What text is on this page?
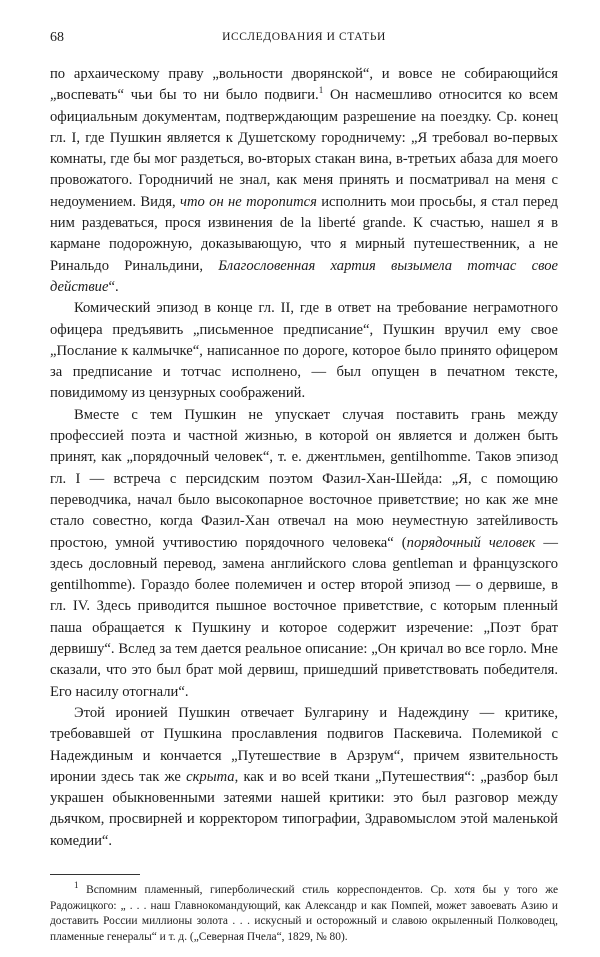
68	ИССЛЕДОВАНИЯ И СТАТЬИ

по архаическому праву „вольности дворянской“, и вовсе не собирающийся „воспевать“ чьи бы то ни было подвиги.$^1$ Он насмешливо относится ко всем официальным документам, подтверждающим разрешение на поездку. Ср. конец гл. I, где Пушкин является к Душетскому городничему: „Я требовал во-первых комнаты, где бы мог раздеться, во-вторых стакан вина, в-третьих абаза для моего провожатого. Городничий не знал, как меня принять и посматривал на меня с недоумением. Видя, что он не торопится исполнить мои просьбы, я стал перед ним раздеваться, прося извинения de la liberté grande. К счастью, нашел я в кармане подорожную, доказывающую, что я мирный путешественник, а не Ринальдо Ринальдини, Благословенная хартия вызымела тотчас свое действие“.

Комический эпизод в конце гл. II, где в ответ на требование неграмотного офицера предъявить „письменное предписание“, Пушкин вручил ему свое „Послание к калмычке“, написанное по дороге, которое было принято офицером за предписание и тотчас исполнено, — был опущен в печатном тексте, повидимому из цензурных соображений.

Вместе с тем Пушкин не упускает случая поставить грань между профессией поэта и частной жизнью, в которой он является и должен быть принят, как „порядочный человек“, т. е. джентльмен, gentilhomme. Таков эпизод гл. I — встреча с персидским поэтом Фазил-Хан-Шейда: „Я, с помощию переводчика, начал было высокопарное восточное приветствие; но как же мне стало совестно, когда Фазил-Хан отвечал на мою неуместную затейливость простою, умной учтивостию порядочного человека“ (порядочный человек — здесь дословный перевод, замена английского слова gentleman и французского gentilhomme). Гораздо более полемичен и остер второй эпизод — о дервише, в гл. IV. Здесь приводится пышное восточное приветствие, с которым пленный паша обращается к Пушкину и которое содержит изречение: „Поэт брат дервишу“. Вслед за тем дается реальное описание: „Он кричал во все горло. Мне сказали, что это был брат мой дервиш, пришедший приветствовать победителя. Его насилу отогнали“.

Этой иронией Пушкин отвечает Булгарину и Надеждину — критике, требовавшей от Пушкина прославления подвигов Паскевича. Полемикой с Надеждиным и кончается „Путешествие в Арзрум“, причем язвительность иронии здесь так же скрыта, как и во всей ткани „Путешествия“: „разбор был украшен обыкновенными затеями нашей критики: это был разговор между дьячком, просвирней и корректором типографии, Здравомыслом этой маленькой комедии“.

$^1$ Вспомним пламенный, гиперболический стиль корреспондентов. Ср. хотя бы у того же Радожицкого: „ . . . наш Главнокомандующий, как Александр и как Помпей, может завоевать Азию и доставить России миллионы золота . . . искусный и осторожный и славою окрыленный Полководец, пламенные генералы“ и т. д. („Северная Пчела“, 1829, № 80).
